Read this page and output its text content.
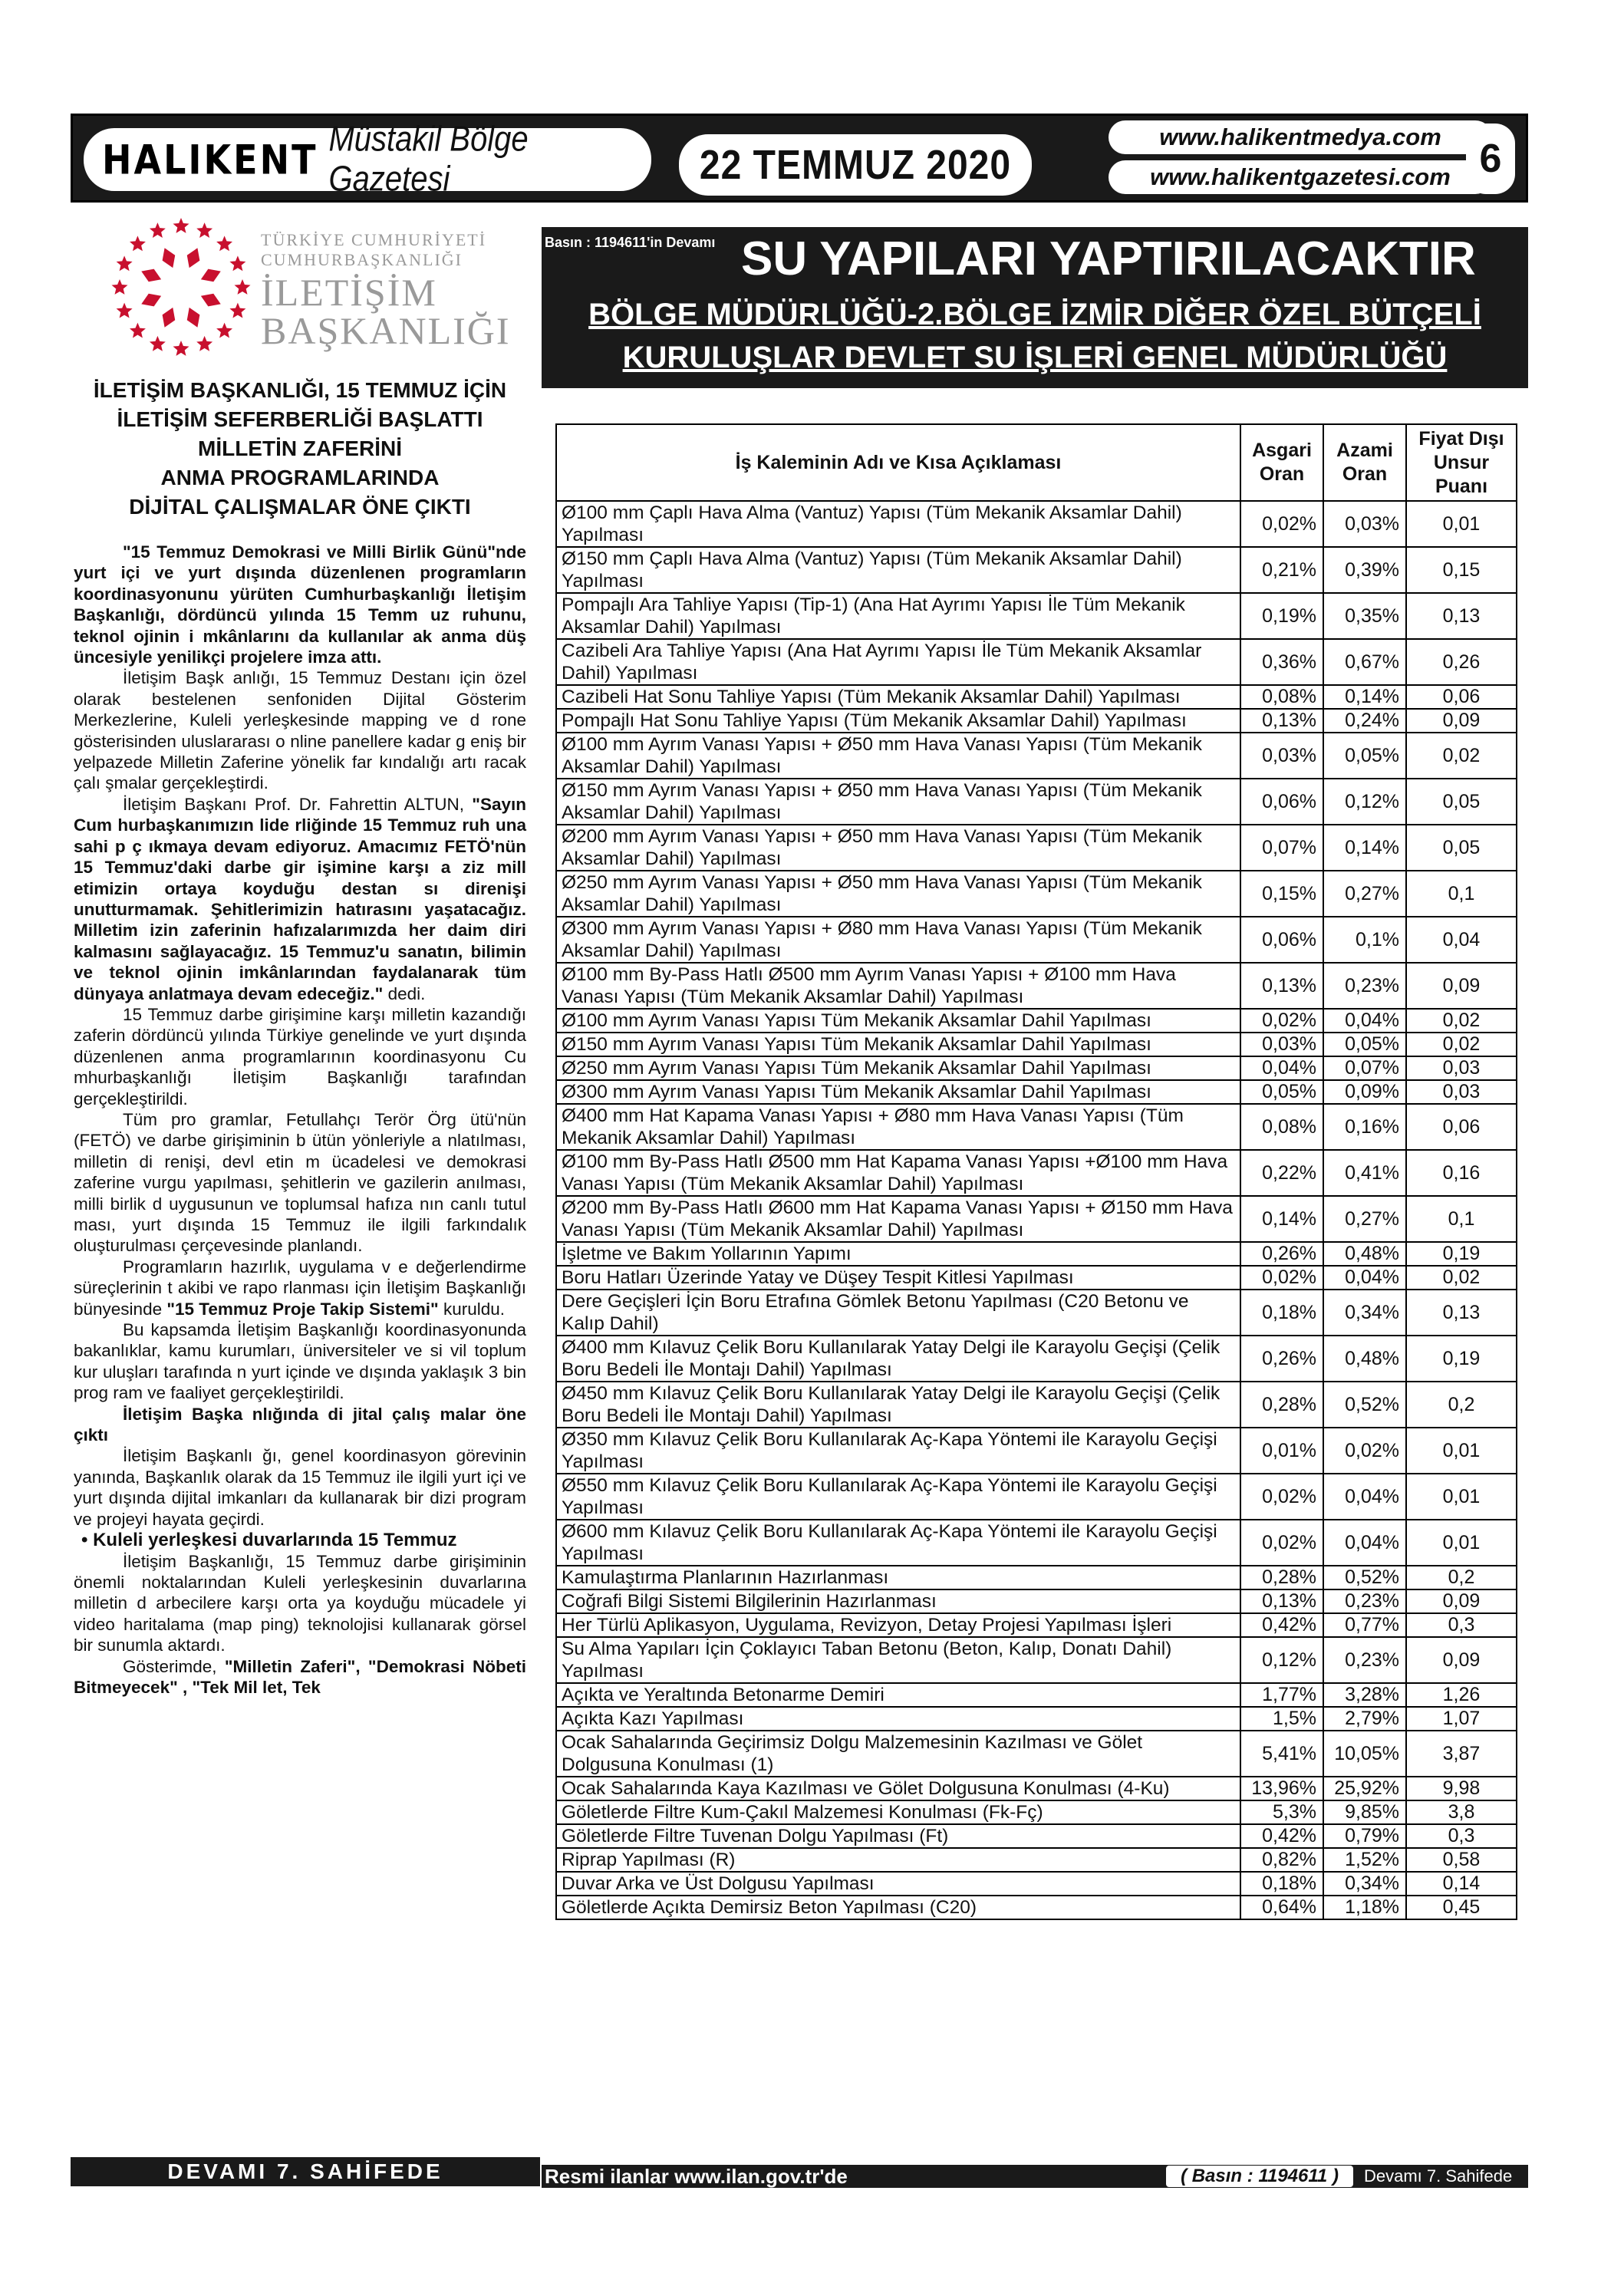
HALIKENT Müstakil Bölge Gazetesi	22 TEMMUZ 2020
www.halikentmedya.com
www.halikentgazetesi.com 6
TÜRKİYE CUMHURİYETİ
CUMHURBAŞKANLIĞI
İLETİŞİM
BAŞKANLIĞI
İLETİŞİM BAŞKANLIĞI, 15 TEMMUZ İÇİN
İLETİŞİM SEFERBERLİĞİ BAŞLATTI
MİLLETİN ZAFERİNİ
ANMA PROGRAMLARINDA
DİJİTAL ÇALIŞMALAR ÖNE ÇIKTI

"15 Temmuz Demokrasi ve Milli Birlik Günü"nde yurt içi ve yurt dışında düzenlenen programların koordinasyonunu yürüten Cumhurbaşkanlığı İletişim Başkanlığı, dördüncü yılında 15 Temm uz ruhunu, teknol ojinin i mkânlarını da kullanılar ak anma düş üncesiyle yenilikçi projelere imza attı.

İletişim Başk anlığı, 15 Temmuz Destanı için özel olarak bestelenen senfoniden Dijital Gösterim Merkezlerine, Kuleli yerleşkesinde mapping ve d rone gösterisinden uluslararası o nline panellere kadar g eniş bir yelpazede Milletin Zaferine yönelik far kındalığı artı racak çalı şmalar gerçekleştirdi.

İletişim Başkanı Prof. Dr. Fahrettin ALTUN, "Sayın Cum hurbaşkanımızın lide rliğinde 15 Temmuz ruh una sahi p ç ıkmaya devam ediyoruz. Amacımız FETÖ'nün 15 Temmuz'daki darbe gir işimine karşı a ziz mill etimizin ortaya koyduğu destan sı direnişi unutturmamak. Şehitlerimizin hatırasını yaşatacağız. Milletim izin zaferinin hafızalarımızda her daim diri kalmasını sağlayacağız. 15 Temmuz'u sanatın, bilimin ve teknol ojinin imkânlarından faydalanarak tüm dünyaya anlatmaya devam edeceğiz." dedi.

15 Temmuz darbe girişimine karşı milletin kazandığı zaferin dördüncü yılında Türkiye genelinde ve yurt dışında düzenlenen anma programlarının koordinasyonu Cu mhurbaşkanlığı İletişim Başkanlığı tarafından gerçekleştirildi.

Tüm pro gramlar, Fetullahçı Terör Örg ütü'nün (FETÖ) ve darbe girişiminin b ütün yönleriyle a nlatılması, milletin di renişi, devl etin m ücadelesi ve demokrasi zaferine vurgu yapılması, şehitlerin ve gazilerin anılması, milli birlik d uygusunun ve toplumsal hafıza nın canlı tutul ması, yurt dışında 15 Temmuz ile ilgili farkındalık oluşturulması çerçevesinde planlandı.

Programların hazırlık, uygulama v e değerlendirme süreçlerinin t akibi ve rapo rlanması için İletişim Başkanlığı bünyesinde "15 Temmuz Proje Takip Sistemi" kuruldu.

Bu kapsamda İletişim Başkanlığı koordinasyonunda bakanlıklar, kamu kurumları, üniversiteler ve si vil toplum kur uluşları tarafında n yurt içinde ve dışında yaklaşık 3 bin prog ram ve faaliyet gerçekleştirildi.

İletişim Başka nlığında di jital çalış malar öne çıktı

İletişim Başkanlı ğı, genel koordinasyon görevinin yanında, Başkanlık olarak da 15 Temmuz ile ilgili yurt içi ve yurt dışında dijital imkanları da kullanarak bir dizi program ve projeyi hayata geçirdi.

• Kuleli yerleşkesi duvarlarında 15 Temmuz

İletişim Başkanlığı, 15 Temmuz darbe girişiminin önemli noktalarından Kuleli yerleşkesinin duvarlarına milletin d arbecilere karşı orta ya koyduğu mücadele yi video haritalama (map ping) teknolojisi kullanarak görsel bir sunumla aktardı.

Gösterimde, "Milletin Zaferi", "Demokrasi Nöbeti Bitmeyecek" , "Tek Mil let, Tek

DEVAMI 7. SAHİFEDE
Basın : 1194611'in Devamı SU YAPILARI YAPTIRILACAKTIR
BÖLGE MÜDÜRLÜĞÜ-2.BÖLGE İZMİR DİĞER ÖZEL BÜTÇELİ
KURULUŞLAR DEVLET SU İŞLERİ GENEL MÜDÜRLÜĞÜ
İş Kaleminin Adı ve Kısa Açıklaması	Asgari Oran	Azami Oran	Fiyat Dışı Unsur Puanı
Ø100 mm Çaplı Hava Alma (Vantuz) Yapısı (Tüm Mekanik Aksamlar Dahil) Yapılması	0,02%	0,03%	0,01
Ø150 mm Çaplı Hava Alma (Vantuz) Yapısı (Tüm Mekanik Aksamlar Dahil) Yapılması	0,21%	0,39%	0,15
Pompajlı Ara Tahliye Yapısı (Tip-1) (Ana Hat Ayrımı Yapısı İle Tüm Mekanik Aksamlar Dahil) Yapılması	0,19%	0,35%	0,13
Cazibeli Ara Tahliye Yapısı (Ana Hat Ayrımı Yapısı İle Tüm Mekanik Aksamlar Dahil) Yapılması	0,36%	0,67%	0,26
Cazibeli Hat Sonu Tahliye Yapısı (Tüm Mekanik Aksamlar Dahil) Yapılması	0,08%	0,14%	0,06
Pompajlı Hat Sonu Tahliye Yapısı (Tüm Mekanik Aksamlar Dahil) Yapılması	0,13%	0,24%	0,09
Ø100 mm Ayrım Vanası Yapısı + Ø50 mm Hava Vanası Yapısı (Tüm Mekanik Aksamlar Dahil) Yapılması	0,03%	0,05%	0,02
Ø150 mm Ayrım Vanası Yapısı + Ø50 mm Hava Vanası Yapısı (Tüm Mekanik Aksamlar Dahil) Yapılması	0,06%	0,12%	0,05
Ø200 mm Ayrım Vanası Yapısı + Ø50 mm Hava Vanası Yapısı (Tüm Mekanik Aksamlar Dahil) Yapılması	0,07%	0,14%	0,05
Ø250 mm Ayrım Vanası Yapısı + Ø50 mm Hava Vanası Yapısı (Tüm Mekanik Aksamlar Dahil) Yapılması	0,15%	0,27%	0,1
Ø300 mm Ayrım Vanası Yapısı + Ø80 mm Hava Vanası Yapısı (Tüm Mekanik Aksamlar Dahil) Yapılması	0,06%	0,1%	0,04
Ø100 mm By-Pass Hatlı Ø500 mm Ayrım Vanası Yapısı + Ø100 mm Hava Vanası Yapısı (Tüm Mekanik Aksamlar Dahil) Yapılması	0,13%	0,23%	0,09
Ø100 mm Ayrım Vanası Yapısı Tüm Mekanik Aksamlar Dahil Yapılması	0,02%	0,04%	0,02
Ø150 mm Ayrım Vanası Yapısı Tüm Mekanik Aksamlar Dahil Yapılması	0,03%	0,05%	0,02
Ø250 mm Ayrım Vanası Yapısı Tüm Mekanik Aksamlar Dahil Yapılması	0,04%	0,07%	0,03
Ø300 mm Ayrım Vanası Yapısı Tüm Mekanik Aksamlar Dahil Yapılması	0,05%	0,09%	0,03
Ø400 mm Hat Kapama Vanası Yapısı + Ø80 mm Hava Vanası Yapısı (Tüm Mekanik Aksamlar Dahil) Yapılması	0,08%	0,16%	0,06
Ø100 mm By-Pass Hatlı Ø500 mm Hat Kapama Vanası Yapısı +Ø100 mm Hava Vanası Yapısı (Tüm Mekanik Aksamlar Dahil) Yapılması	0,22%	0,41%	0,16
Ø200 mm By-Pass Hatlı Ø600 mm Hat Kapama Vanası Yapısı + Ø150 mm Hava Vanası Yapısı (Tüm Mekanik Aksamlar Dahil) Yapılması	0,14%	0,27%	0,1
İşletme ve Bakım Yollarının Yapımı	0,26%	0,48%	0,19
Boru Hatları Üzerinde Yatay ve Düşey Tespit Kitlesi Yapılması	0,02%	0,04%	0,02
Dere Geçişleri İçin Boru Etrafına Gömlek Betonu Yapılması (C20 Betonu ve Kalıp Dahil)	0,18%	0,34%	0,13
Ø400 mm Kılavuz Çelik Boru Kullanılarak Yatay Delgi ile Karayolu Geçişi (Çelik Boru Bedeli İle Montajı Dahil) Yapılması	0,26%	0,48%	0,19
Ø450 mm Kılavuz Çelik Boru Kullanılarak Yatay Delgi ile Karayolu Geçişi (Çelik Boru Bedeli İle Montajı Dahil) Yapılması	0,28%	0,52%	0,2
Ø350 mm Kılavuz Çelik Boru Kullanılarak Aç-Kapa Yöntemi ile Karayolu Geçişi Yapılması	0,01%	0,02%	0,01
Ø550 mm Kılavuz Çelik Boru Kullanılarak Aç-Kapa Yöntemi ile Karayolu Geçişi Yapılması	0,02%	0,04%	0,01
Ø600 mm Kılavuz Çelik Boru Kullanılarak Aç-Kapa Yöntemi ile Karayolu Geçişi Yapılması	0,02%	0,04%	0,01
Kamulaştırma Planlarının Hazırlanması	0,28%	0,52%	0,2
Coğrafi Bilgi Sistemi Bilgilerinin Hazırlanması	0,13%	0,23%	0,09
Her Türlü Aplikasyon, Uygulama, Revizyon, Detay Projesi Yapılması İşleri	0,42%	0,77%	0,3
Su Alma Yapıları İçin Çoklayıcı Taban Betonu (Beton, Kalıp, Donatı Dahil) Yapılması	0,12%	0,23%	0,09
Açıkta ve Yeraltında Betonarme Demiri	1,77%	3,28%	1,26
Açıkta Kazı Yapılması	1,5%	2,79%	1,07
Ocak Sahalarında Geçirimsiz Dolgu Malzemesinin Kazılması ve Gölet Dolgusuna Konulması (1)	5,41%	10,05%	3,87
Ocak Sahalarında Kaya Kazılması ve Gölet Dolgusuna Konulması (4-Ku)	13,96%	25,92%	9,98
Göletlerde Filtre Kum-Çakıl Malzemesi Konulması (Fk-Fç)	5,3%	9,85%	3,8
Göletlerde Filtre Tuvenan Dolgu Yapılması (Ft)	0,42%	0,79%	0,3
Riprap Yapılması (R)	0,82%	1,52%	0,58
Duvar Arka ve Üst Dolgusu Yapılması	0,18%	0,34%	0,14
Göletlerde Açıkta Demirsiz Beton Yapılması (C20)	0,64%	1,18%	0,45
Resmi ilanlar www.ilan.gov.tr'de	( Basın : 1194611 )	Devamı 7. Sahifede
